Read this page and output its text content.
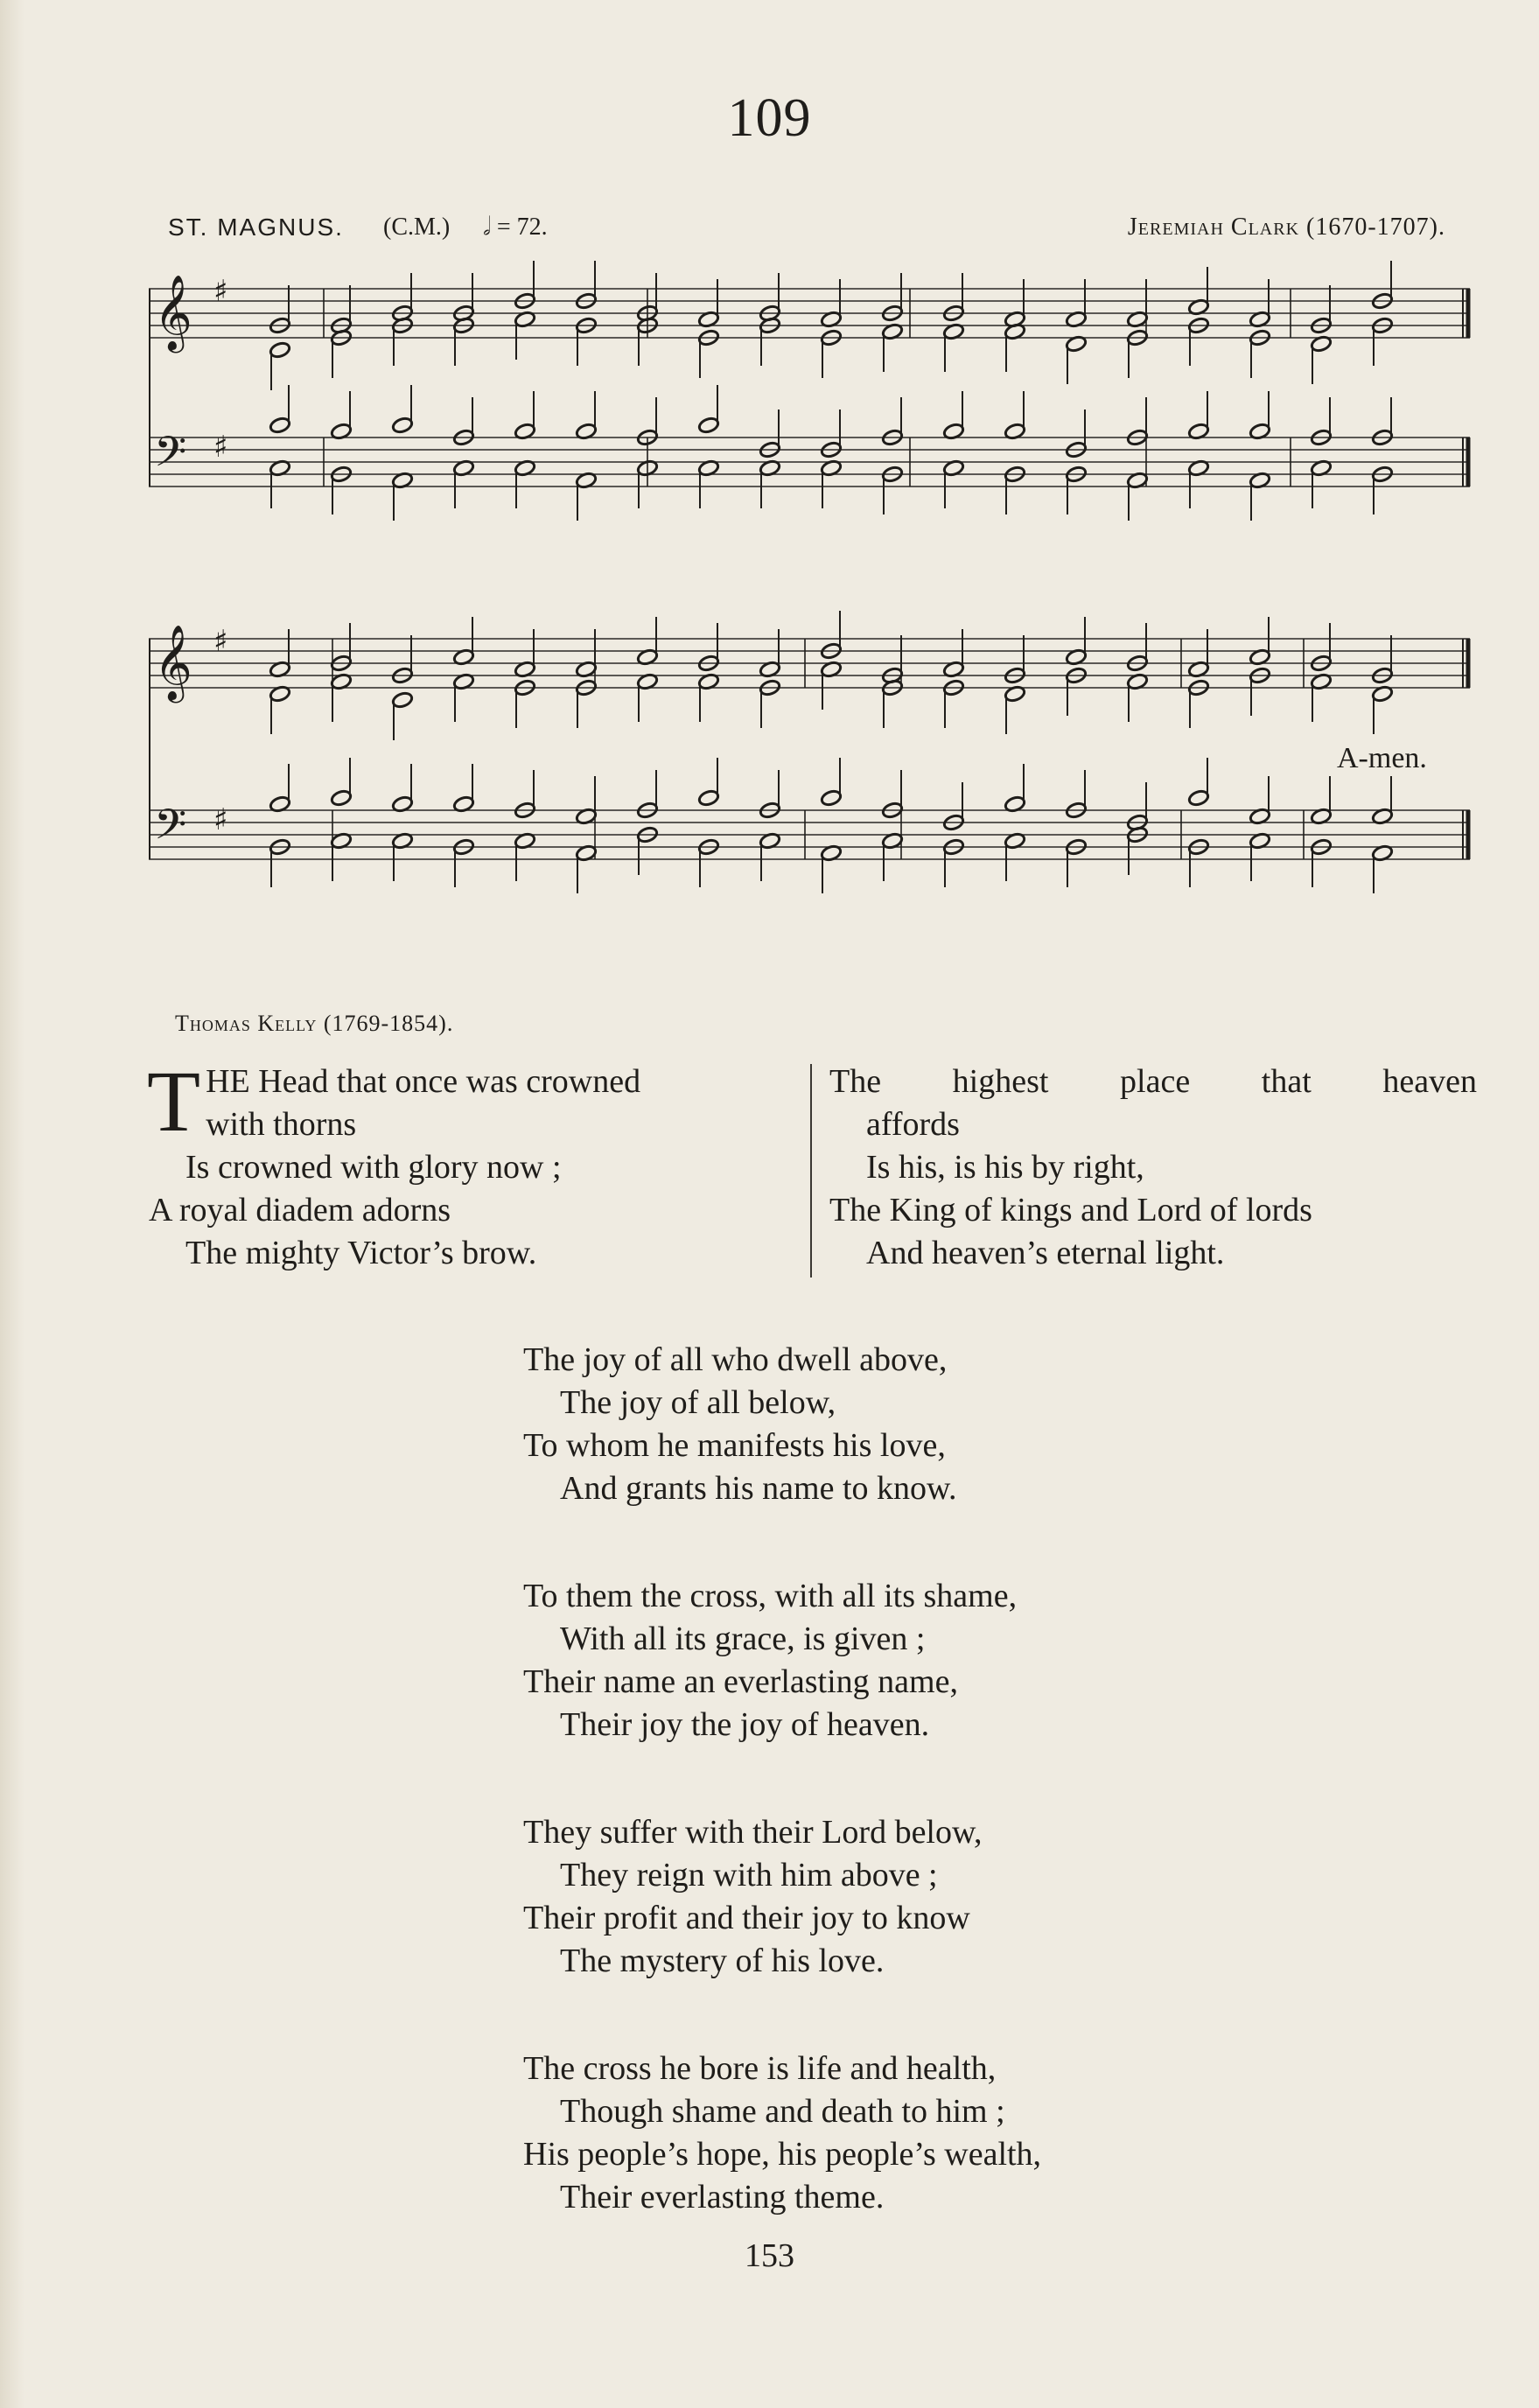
109
ST. MAGNUS. (C.M.) 𝅗𝅥 = 72.	Jeremiah Clark (1670-1707).
𝄞
𝄢
♯
♯
𝄞
𝄢
♯
♯
A-men.
Thomas Kelly (1769-1854).
T HE Head that once was crowned
with thorns
Is crowned with glory now ;
A royal diadem adorns
The mighty Victor’s brow.
The highest place that heaven
affords
Is his, is his by right,
The King of kings and Lord of lords
And heaven’s eternal light.
The joy of all who dwell above,
The joy of all below,
To whom he manifests his love,
And grants his name to know.
To them the cross, with all its shame,
With all its grace, is given ;
Their name an everlasting name,
Their joy the joy of heaven.
They suffer with their Lord below,
They reign with him above ;
Their profit and their joy to know
The mystery of his love.
The cross he bore is life and health,
Though shame and death to him ;
His people’s hope, his people’s wealth,
Their everlasting theme.
153
